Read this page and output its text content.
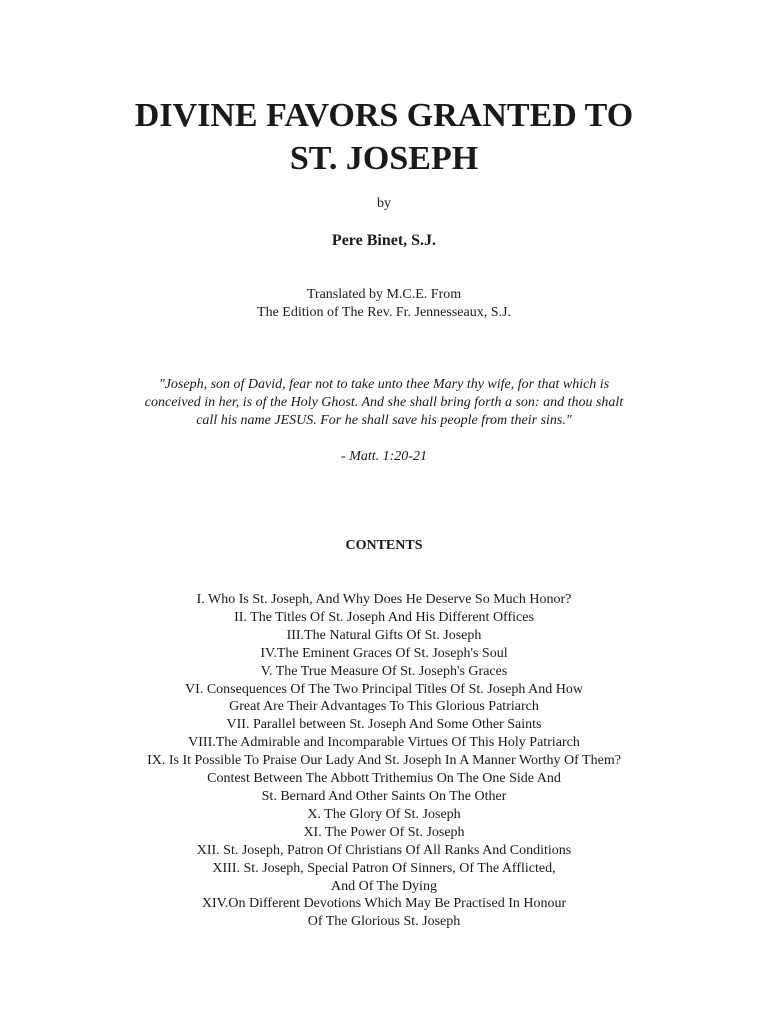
DIVINE FAVORS GRANTED TO
ST. JOSEPH
by
Pere Binet, S.J.
Translated by M.C.E. From
The Edition of The Rev. Fr. Jennesseaux, S.J.
"Joseph, son of David, fear not to take unto thee Mary thy wife, for that which is
conceived in her, is of the Holy Ghost. And she shall bring forth a son: and thou shalt
call his name JESUS. For he shall save his people from their sins."
- Matt. 1:20-21
CONTENTS
I. Who Is St. Joseph, And Why Does He Deserve So Much Honor?
II. The Titles Of St. Joseph And His Different Offices
III.The Natural Gifts Of St. Joseph
IV.The Eminent Graces Of St. Joseph's Soul
V. The True Measure Of St. Joseph's Graces
VI. Consequences Of The Two Principal Titles Of St. Joseph And How
Great Are Their Advantages To This Glorious Patriarch
VII. Parallel between St. Joseph And Some Other Saints
VIII.The Admirable and Incomparable Virtues Of This Holy Patriarch
IX. Is It Possible To Praise Our Lady And St. Joseph In A Manner Worthy Of Them?
Contest Between The Abbott Trithemius On The One Side And
St. Bernard And Other Saints On The Other
X. The Glory Of St. Joseph
XI. The Power Of St. Joseph
XII. St. Joseph, Patron Of Christians Of All Ranks And Conditions
XIII. St. Joseph, Special Patron Of Sinners, Of The Afflicted,
And Of The Dying
XIV.On Different Devotions Which May Be Practised In Honour
Of The Glorious St. Joseph
